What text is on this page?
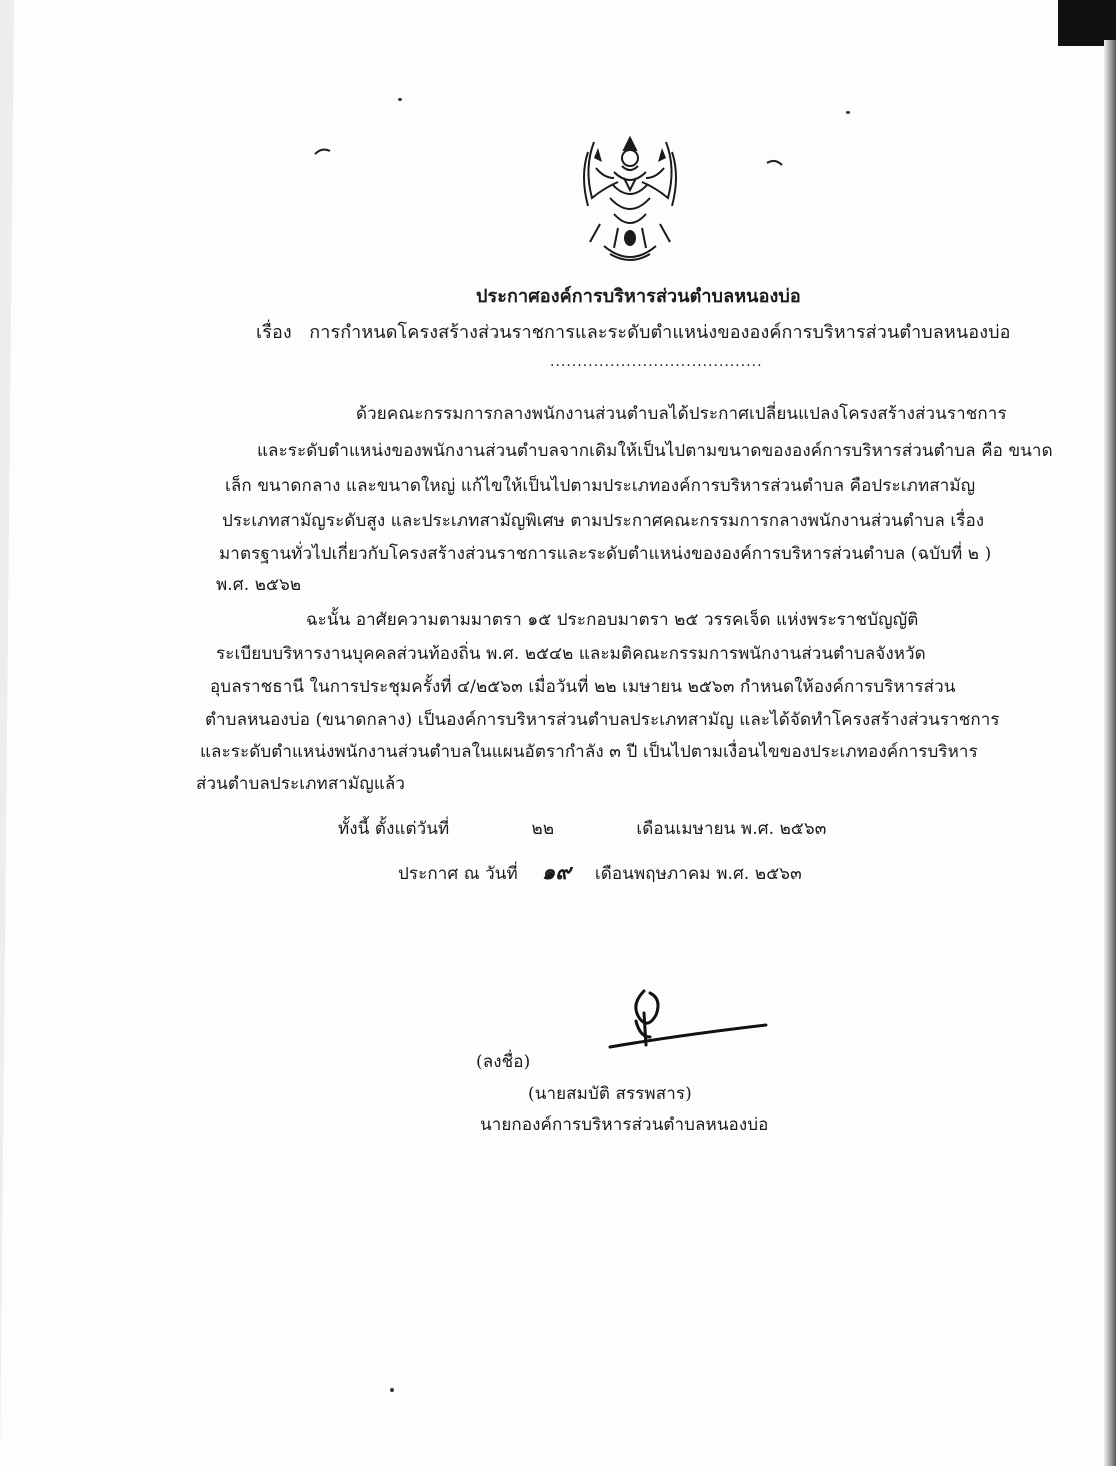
ประกาศองค์การบริหารส่วนตำบลหนองบ่อ
เรื่อง การกำหนดโครงสร้างส่วนราชการและระดับตำแหน่งขององค์การบริหารส่วนตำบลหนองบ่อ
.......................................
ด้วยคณะกรรมการกลางพนักงานส่วนตำบลได้ประกาศเปลี่ยนแปลงโครงสร้างส่วนราชการ
และระดับตำแหน่งของพนักงานส่วนตำบลจากเดิมให้เป็นไปตามขนาดขององค์การบริหารส่วนตำบล คือ ขนาด
เล็ก ขนาดกลาง และขนาดใหญ่ แก้ไขให้เป็นไปตามประเภทองค์การบริหารส่วนตำบล คือประเภทสามัญ
ประเภทสามัญระดับสูง และประเภทสามัญพิเศษ ตามประกาศคณะกรรมการกลางพนักงานส่วนตำบล เรื่อง
มาตรฐานทั่วไปเกี่ยวกับโครงสร้างส่วนราชการและระดับตำแหน่งขององค์การบริหารส่วนตำบล (ฉบับที่ ๒ )
พ.ศ. ๒๕๖๒
ฉะนั้น อาศัยความตามมาตรา ๑๕ ประกอบมาตรา ๒๕ วรรคเจ็ด แห่งพระราชบัญญัติ
ระเบียบบริหารงานบุคคลส่วนท้องถิ่น พ.ศ. ๒๕๔๒ และมติคณะกรรมการพนักงานส่วนตำบลจังหวัด
อุบลราชธานี ในการประชุมครั้งที่ ๔/๒๕๖๓ เมื่อวันที่ ๒๒ เมษายน ๒๕๖๓ กำหนดให้องค์การบริหารส่วน
ตำบลหนองบ่อ (ขนาดกลาง) เป็นองค์การบริหารส่วนตำบลประเภทสามัญ และได้จัดทำโครงสร้างส่วนราชการ
และระดับตำแหน่งพนักงานส่วนตำบลในแผนอัตรากำลัง ๓ ปี เป็นไปตามเงื่อนไขของประเภทองค์การบริหาร
ส่วนตำบลประเภทสามัญแล้ว
ทั้งนี้ ตั้งแต่วันที่	๒๒	เดือนเมษายน พ.ศ. ๒๕๖๓
ประกาศ ณ วันที่ ๑๙ เดือนพฤษภาคม พ.ศ. ๒๕๖๓
(ลงชื่อ)
(นายสมบัติ สรรพสาร)
นายกองค์การบริหารส่วนตำบลหนองบ่อ
